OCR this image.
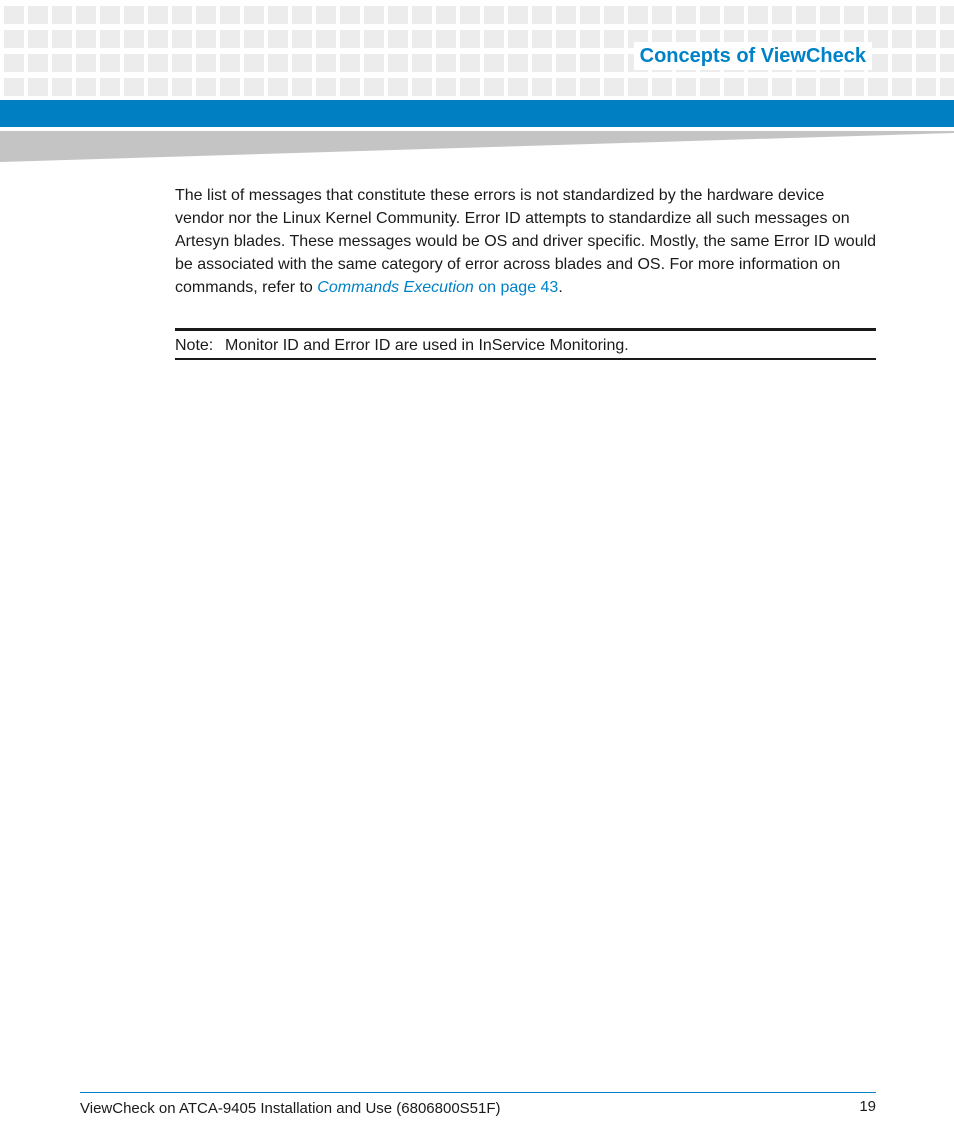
Concepts of ViewCheck

The list of messages that constitute these errors is not standardized by the hardware device vendor nor the Linux Kernel Community. Error ID attempts to standardize all such messages on Artesyn blades. These messages would be OS and driver specific. Mostly, the same Error ID would be associated with the same category of error across blades and OS. For more information on commands, refer to Commands Execution on page 43.

Note: Monitor ID and Error ID are used in InService Monitoring.
ViewCheck on ATCA-9405 Installation and Use (6806800S51F)	19
